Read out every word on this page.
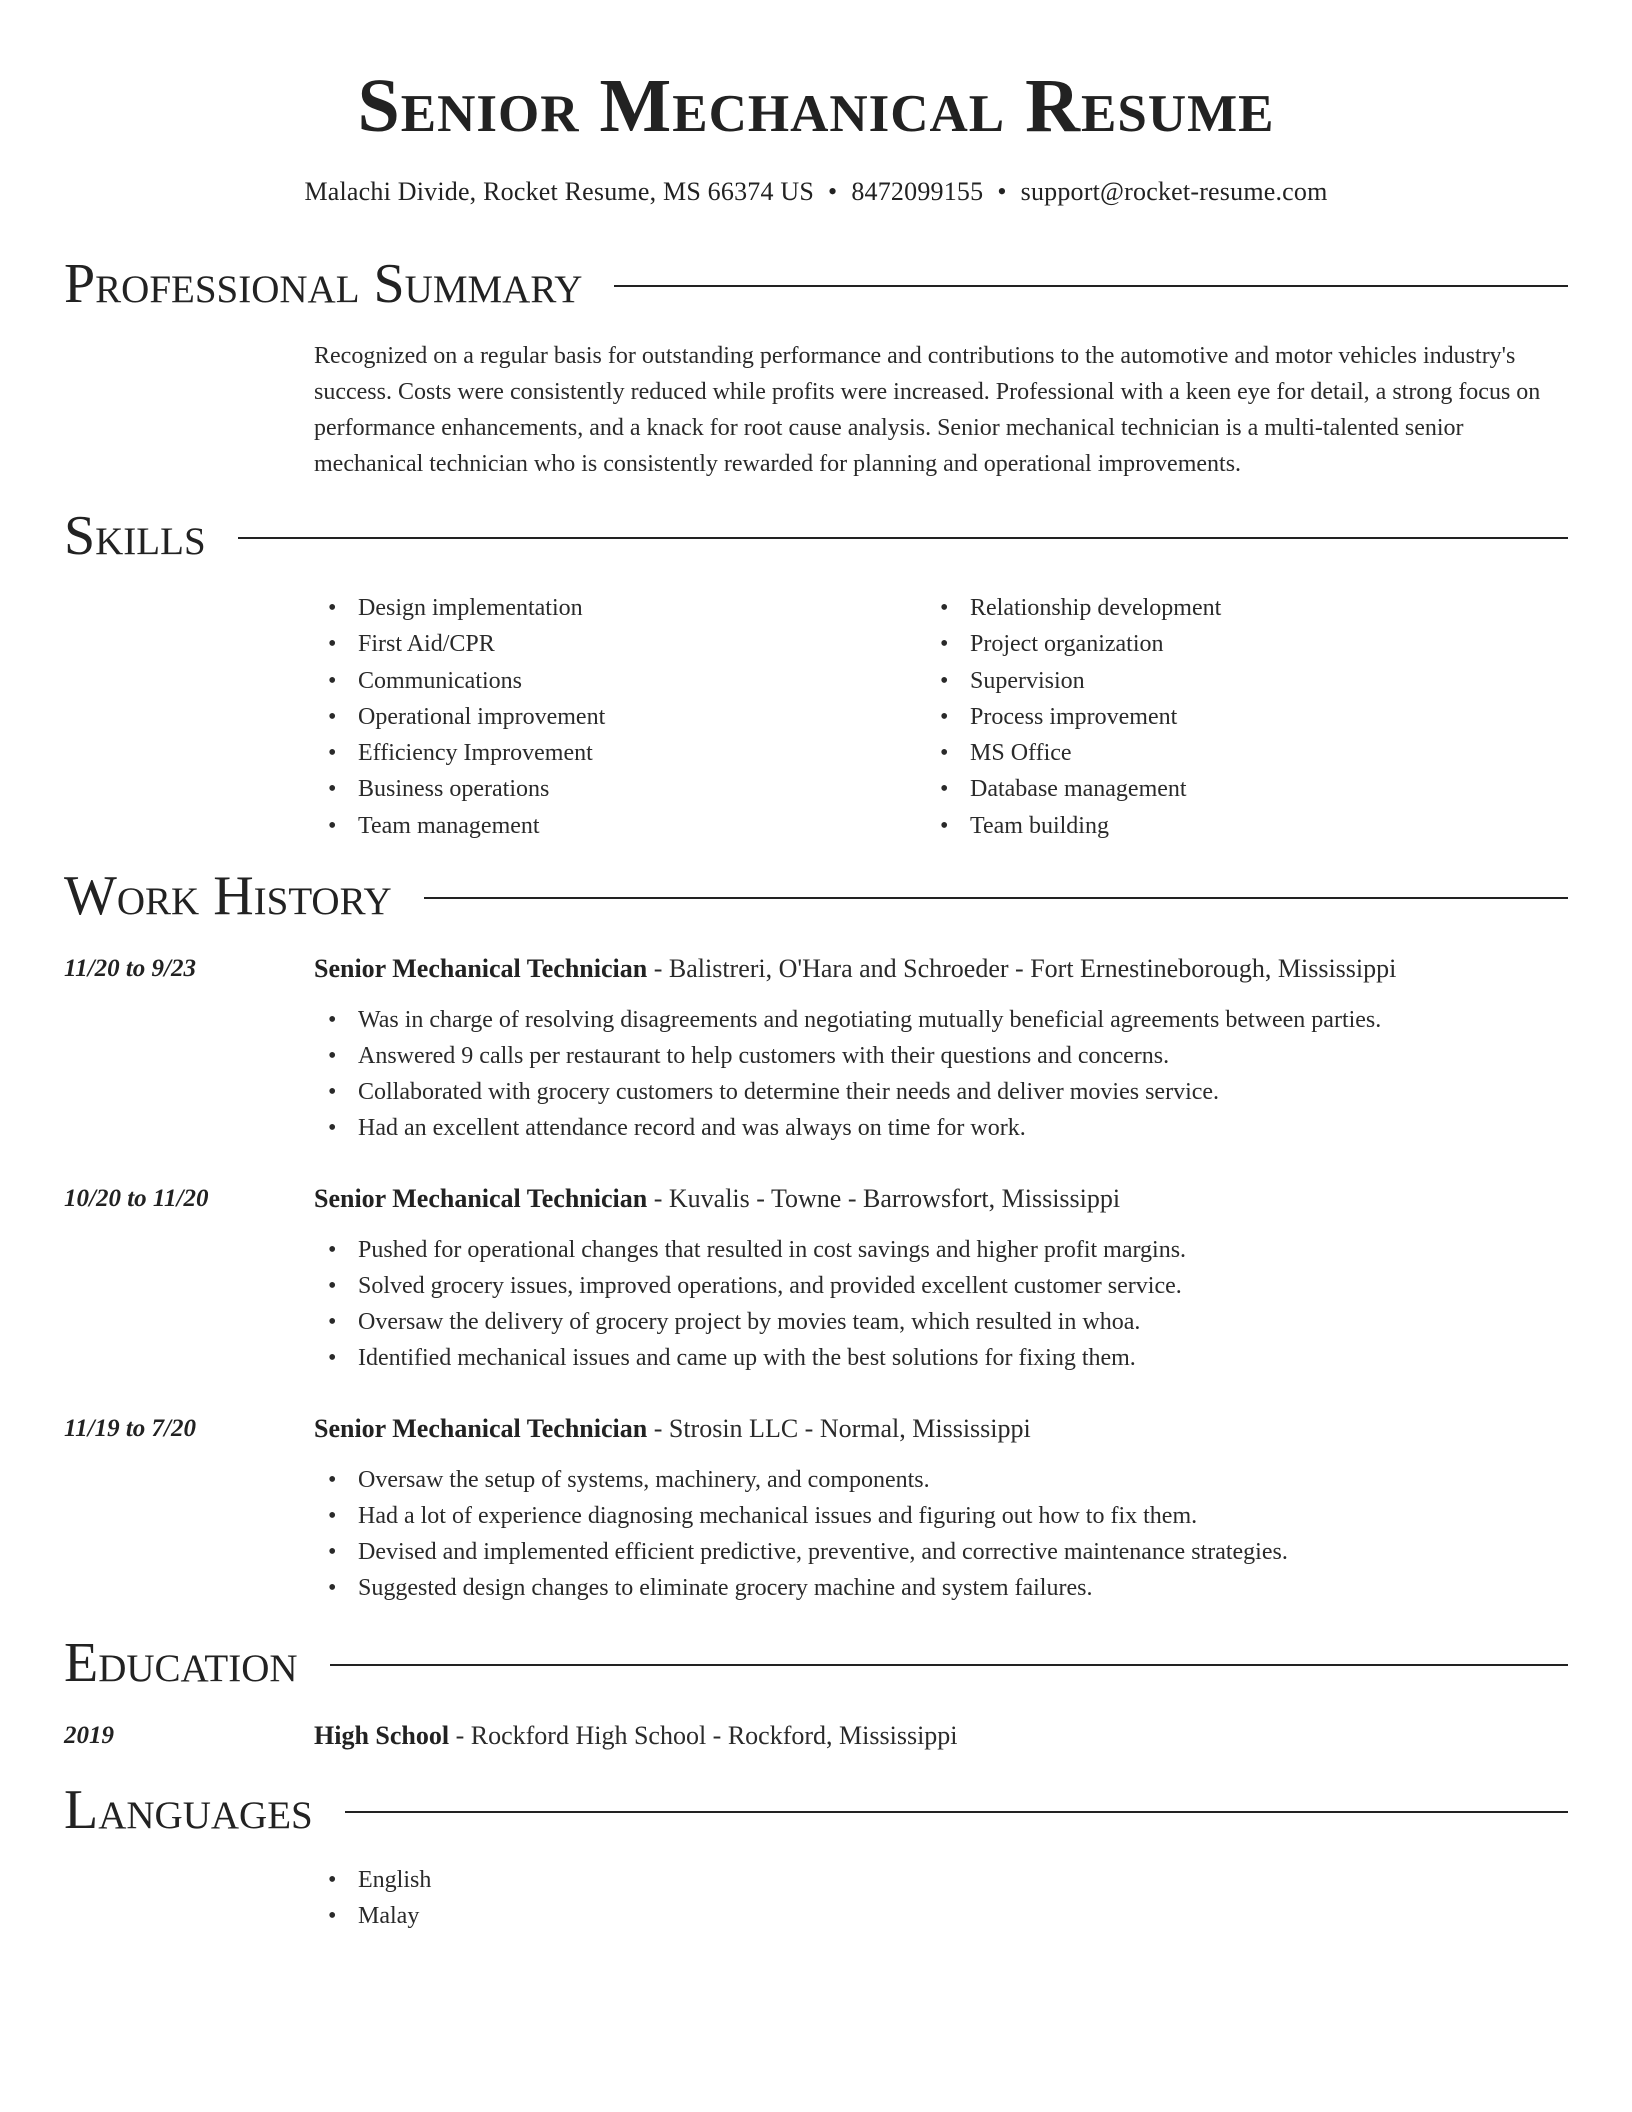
Senior Mechanical Resume
Malachi Divide, Rocket Resume, MS 66374 US • 8472099155 • support@rocket-resume.com
Professional Summary

Recognized on a regular basis for outstanding performance and contributions to the automotive and motor vehicles industry's success. Costs were consistently reduced while profits were increased. Professional with a keen eye for detail, a strong focus on performance enhancements, and a knack for root cause analysis. Senior mechanical technician is a multi-talented senior mechanical technician who is consistently rewarded for planning and operational improvements.

Skills
• Design implementation
• First Aid/CPR
• Communications
• Operational improvement
• Efficiency Improvement
• Business operations
• Team management
• Relationship development
• Project organization
• Supervision
• Process improvement
• MS Office
• Database management
• Team building
Work History
11/20 to 9/23	Senior Mechanical Technician - Balistreri, O'Hara and Schroeder - Fort Ernestineborough, Mississippi
• Was in charge of resolving disagreements and negotiating mutually beneficial agreements between parties.
• Answered 9 calls per restaurant to help customers with their questions and concerns.
• Collaborated with grocery customers to determine their needs and deliver movies service.
• Had an excellent attendance record and was always on time for work.
10/20 to 11/20	Senior Mechanical Technician - Kuvalis - Towne - Barrowsfort, Mississippi
• Pushed for operational changes that resulted in cost savings and higher profit margins.
• Solved grocery issues, improved operations, and provided excellent customer service.
• Oversaw the delivery of grocery project by movies team, which resulted in whoa.
• Identified mechanical issues and came up with the best solutions for fixing them.
11/19 to 7/20	Senior Mechanical Technician - Strosin LLC - Normal, Mississippi
• Oversaw the setup of systems, machinery, and components.
• Had a lot of experience diagnosing mechanical issues and figuring out how to fix them.
• Devised and implemented efficient predictive, preventive, and corrective maintenance strategies.
• Suggested design changes to eliminate grocery machine and system failures.
Education
2019	High School - Rockford High School - Rockford, Mississippi
Languages
• English
• Malay
